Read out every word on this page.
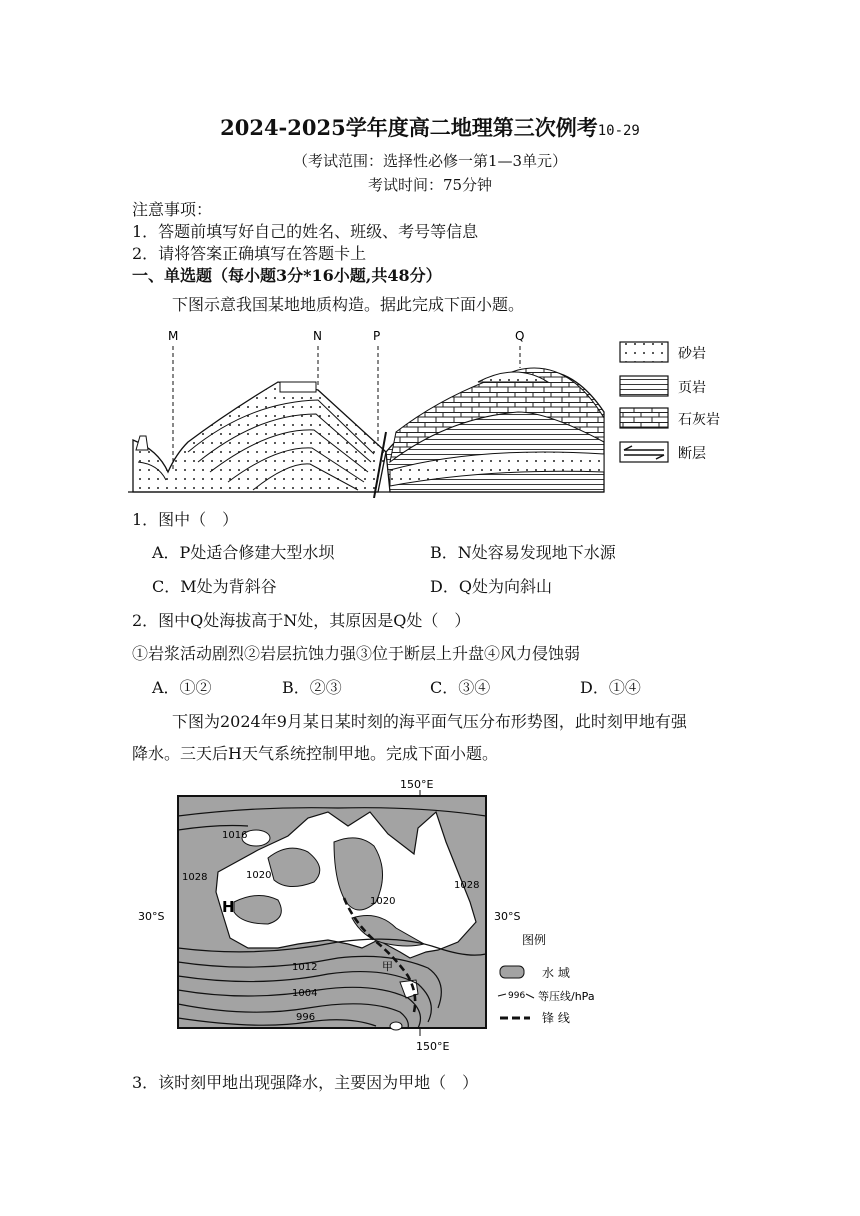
2024-2025学年度高二地理第三次例考10-29
（考试范围：选择性必修一第1—3单元）
考试时间：75分钟
注意事项：
1．答题前填写好自己的姓名、班级、考号等信息
2．请将答案正确填写在答题卡上
一、单选题（每小题3分*16小题,共48分）
下图示意我国某地地质构造。据此完成下面小题。
M	N	P	Q
砂岩
页岩
石灰岩
断层
1．图中（　）
A．P处适合修建大型水坝	B．N处容易发现地下水源
C．M处为背斜谷	D．Q处为向斜山
2．图中Q处海拔高于N处，其原因是Q处（　）
①岩浆活动剧烈②岩层抗蚀力强③位于断层上升盘④风力侵蚀弱
A．①②	B．②③	C．③④	D．①④
下图为2024年9月某日某时刻的海平面气压分布形势图，此时刻甲地有强
降水。三天后H天气系统控制甲地。完成下面小题。
150°E
1016
1020
1028
1020
1028
1012
1004
996
H
甲
30°S	30°S
150°E
图例
水 域
996 等压线/hPa
锋 线
3．该时刻甲地出现强降水，主要因为甲地（　）
